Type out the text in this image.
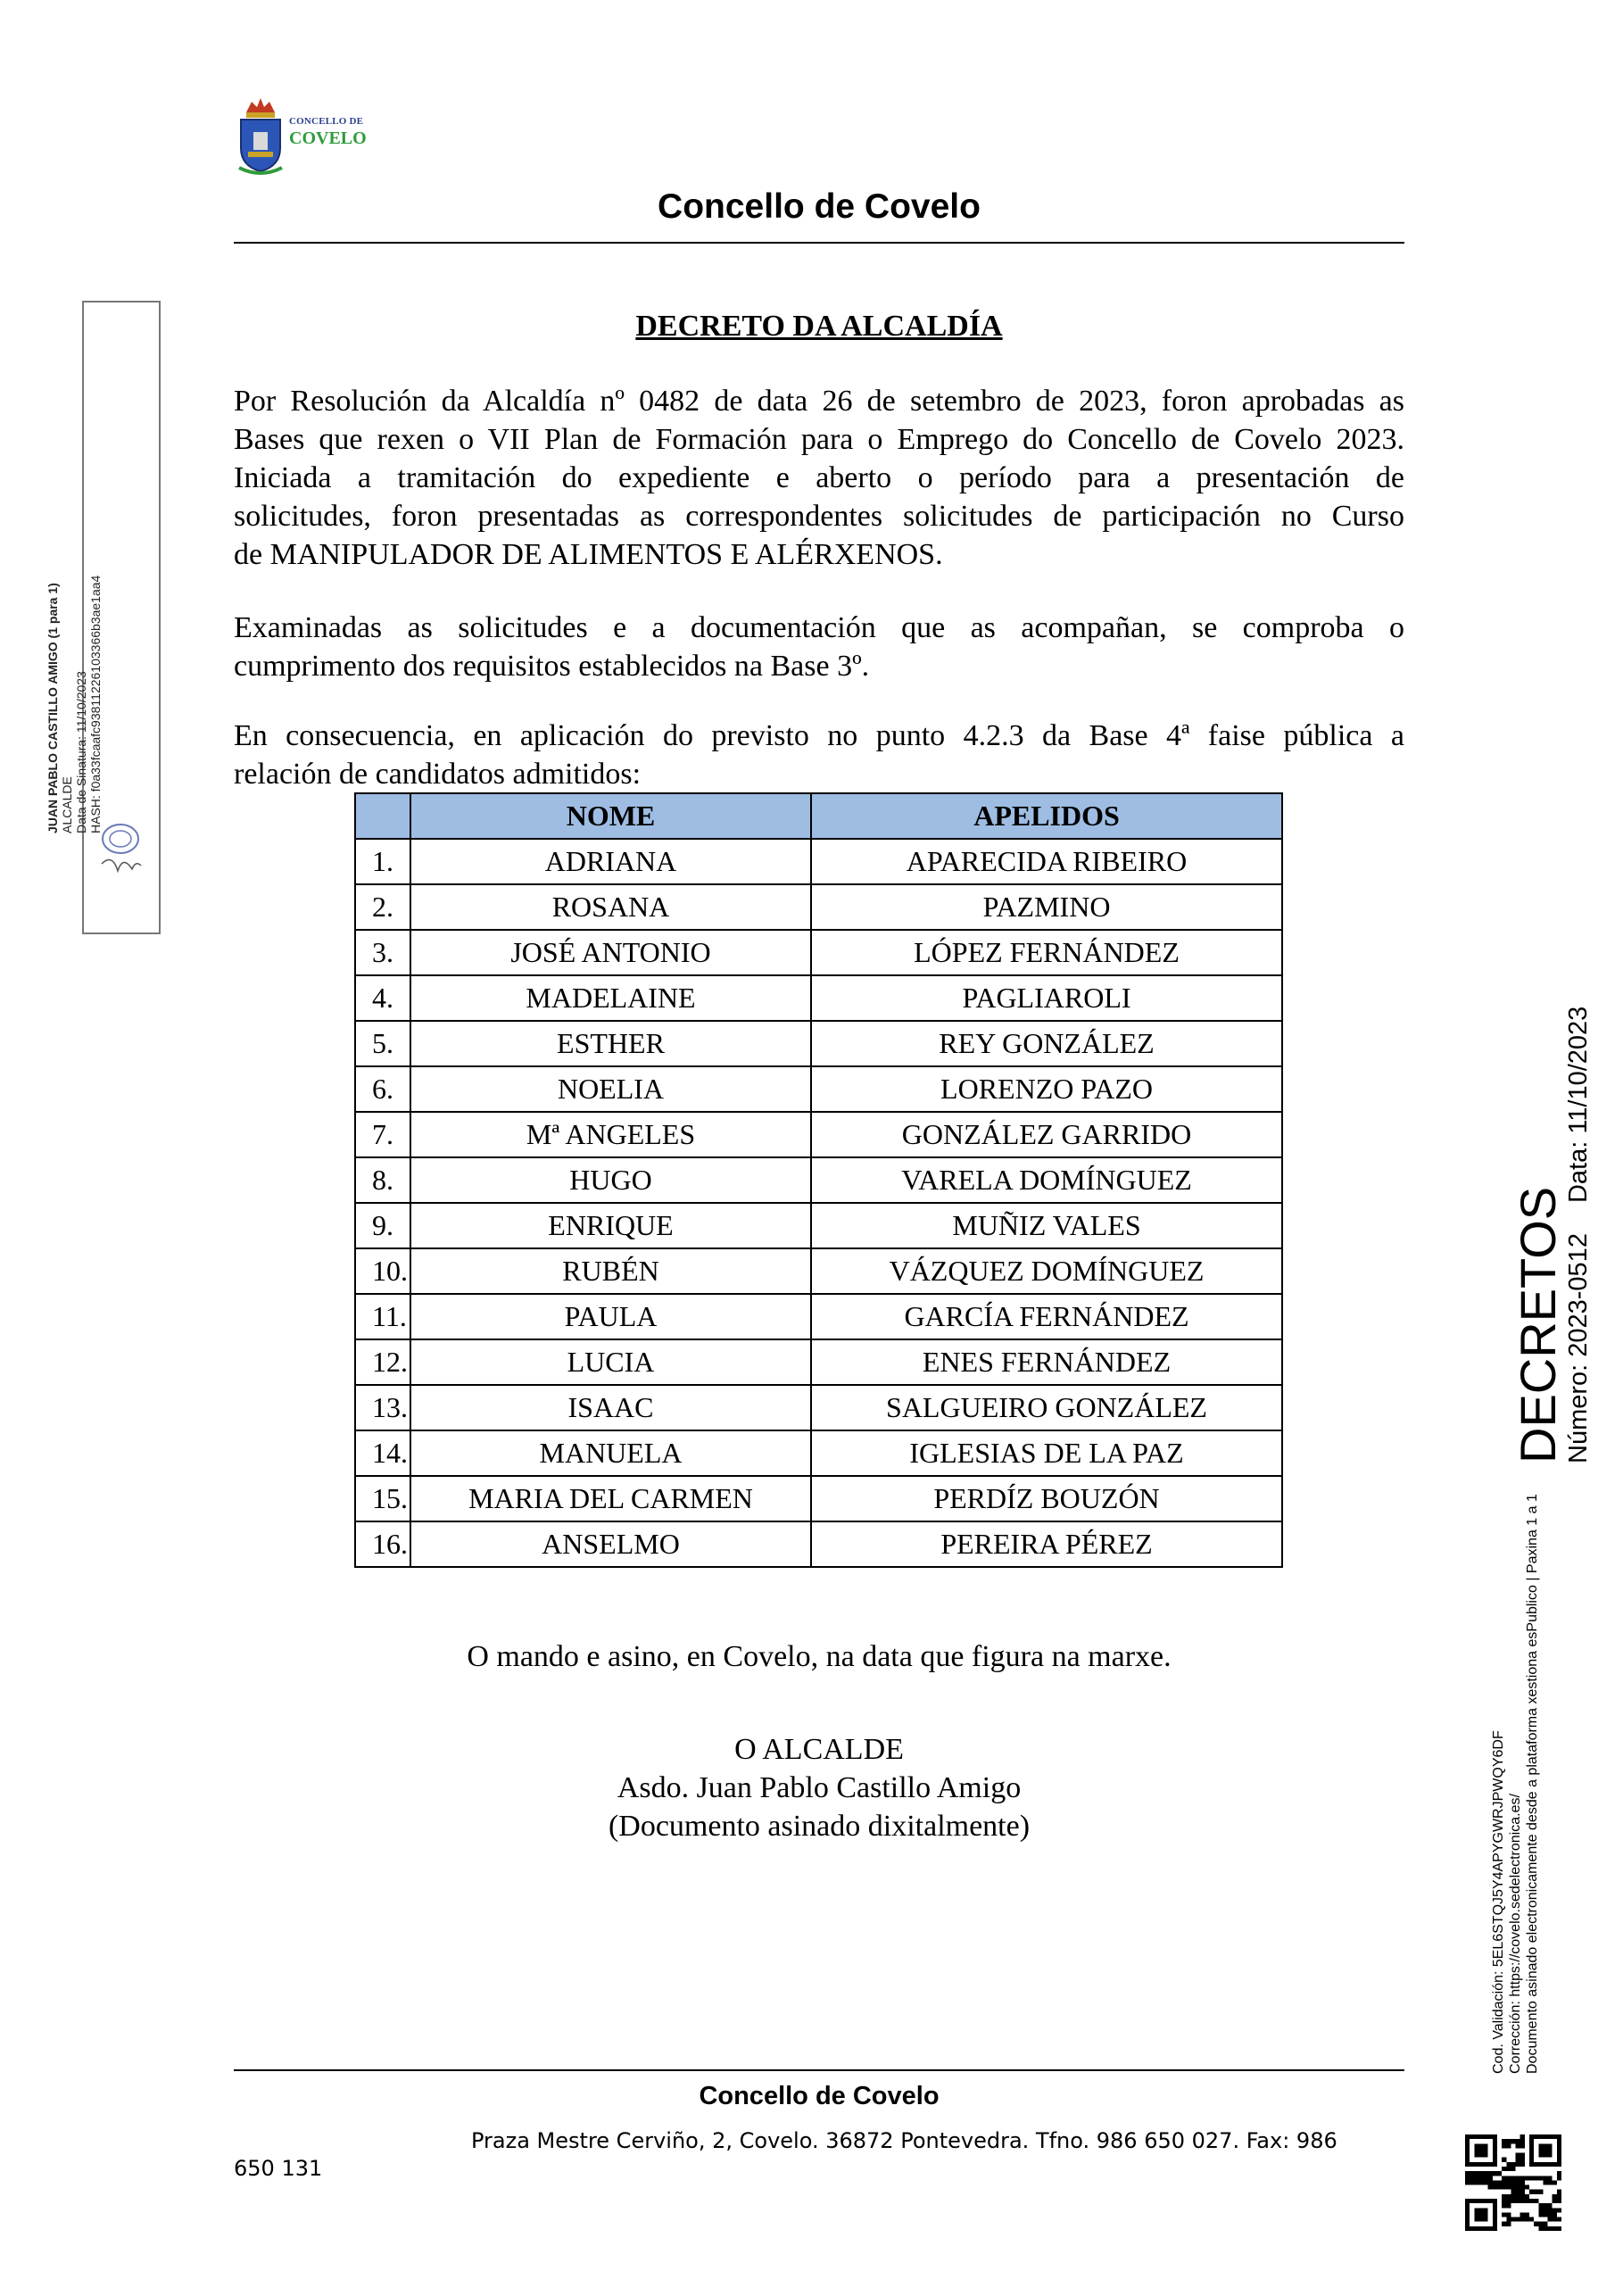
CONCELLO DE
COVELO
Concello de Covelo
DECRETO DA ALCALDÍA
Por Resolución da Alcaldía nº 0482 de data 26 de setembro de 2023, foron aprobadas as
Bases que rexen o VII Plan de Formación para o Emprego do Concello de Covelo 2023.
Iniciada a tramitación do expediente e aberto o período para a presentación de
solicitudes, foron presentadas as correspondentes solicitudes de participación no Curso
de MANIPULADOR DE ALIMENTOS E ALÉRXENOS.
Examinadas as solicitudes e a documentación que as acompañan, se comproba o
cumprimento dos requisitos establecidos na Base 3º.
En consecuencia, en aplicación do previsto no punto 4.2.3 da Base 4ª faise pública a
relación de candidatos admitidos:
	NOME	APELIDOS
1.	ADRIANA	APARECIDA RIBEIRO
2.	ROSANA	PAZMINO
3.	JOSÉ ANTONIO	LÓPEZ FERNÁNDEZ
4.	MADELAINE	PAGLIAROLI
5.	ESTHER	REY GONZÁLEZ
6.	NOELIA	LORENZO PAZO
7.	Mª ANGELES	GONZÁLEZ GARRIDO
8.	HUGO	VARELA DOMÍNGUEZ
9.	ENRIQUE	MUÑIZ VALES
10.	RUBÉN	VÁZQUEZ DOMÍNGUEZ
11.	PAULA	GARCÍA FERNÁNDEZ
12.	LUCIA	ENES FERNÁNDEZ
13.	ISAAC	SALGUEIRO GONZÁLEZ
14.	MANUELA	IGLESIAS DE LA PAZ
15.	MARIA DEL CARMEN	PERDÍZ BOUZÓN
16.	ANSELMO	PEREIRA PÉREZ
O mando e asino, en Covelo, na data que figura na marxe.
O ALCALDE
Asdo. Juan Pablo Castillo Amigo
(Documento asinado dixitalmente)
JUAN PABLO CASTILLO AMIGO (1 para 1) ALCALDE Data de Sinatura: 11/10/2023 HASH: f0a33fcaafc93811226103366b3ae1aa4
DECRETOS
Número: 2023-0512Data: 11/10/2023
Cod. Validación: 5EL6STQJ5Y4APYGWRJPWQY6DF Corrección: https://covelo.sedelectronica.es/ Documento asinado electronicamente desde a plataforma xestiona esPublico | Paxina 1 a 1
Concello de Covelo
Praza Mestre Cerviño, 2, Covelo. 36872 Pontevedra. Tfno. 986 650 027. Fax: 986
650 131
